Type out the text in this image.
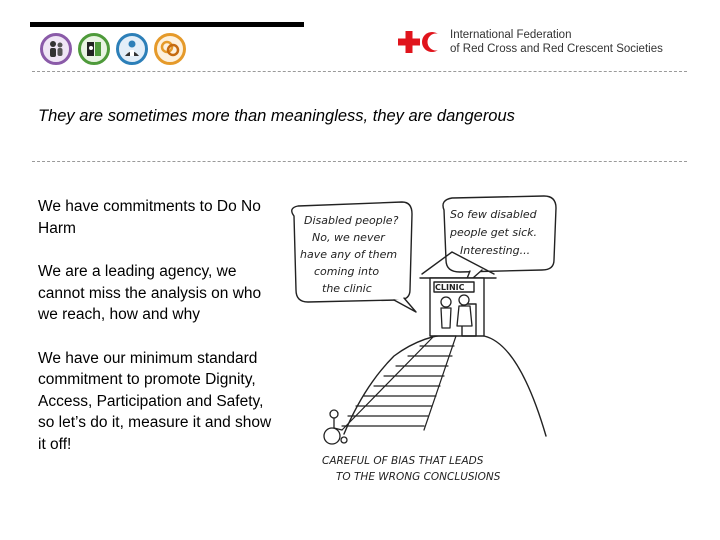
International Federation
of Red Cross and Red Crescent Societies
They are sometimes more than meaningless, they are dangerous

We have commitments to Do No Harm

We are a leading agency, we cannot miss the analysis on who we reach, how and why

We have our minimum standard commitment to promote Dignity, Access, Participation and Safety, so let’s do it, measure it and show it off!

Disabled people?
No, we never
have any of them
coming into
the clinic
So few disabled
people get sick.
Interesting...
CLINIC
CAREFUL OF BIAS THAT LEADS
TO THE WRONG CONCLUSIONS
